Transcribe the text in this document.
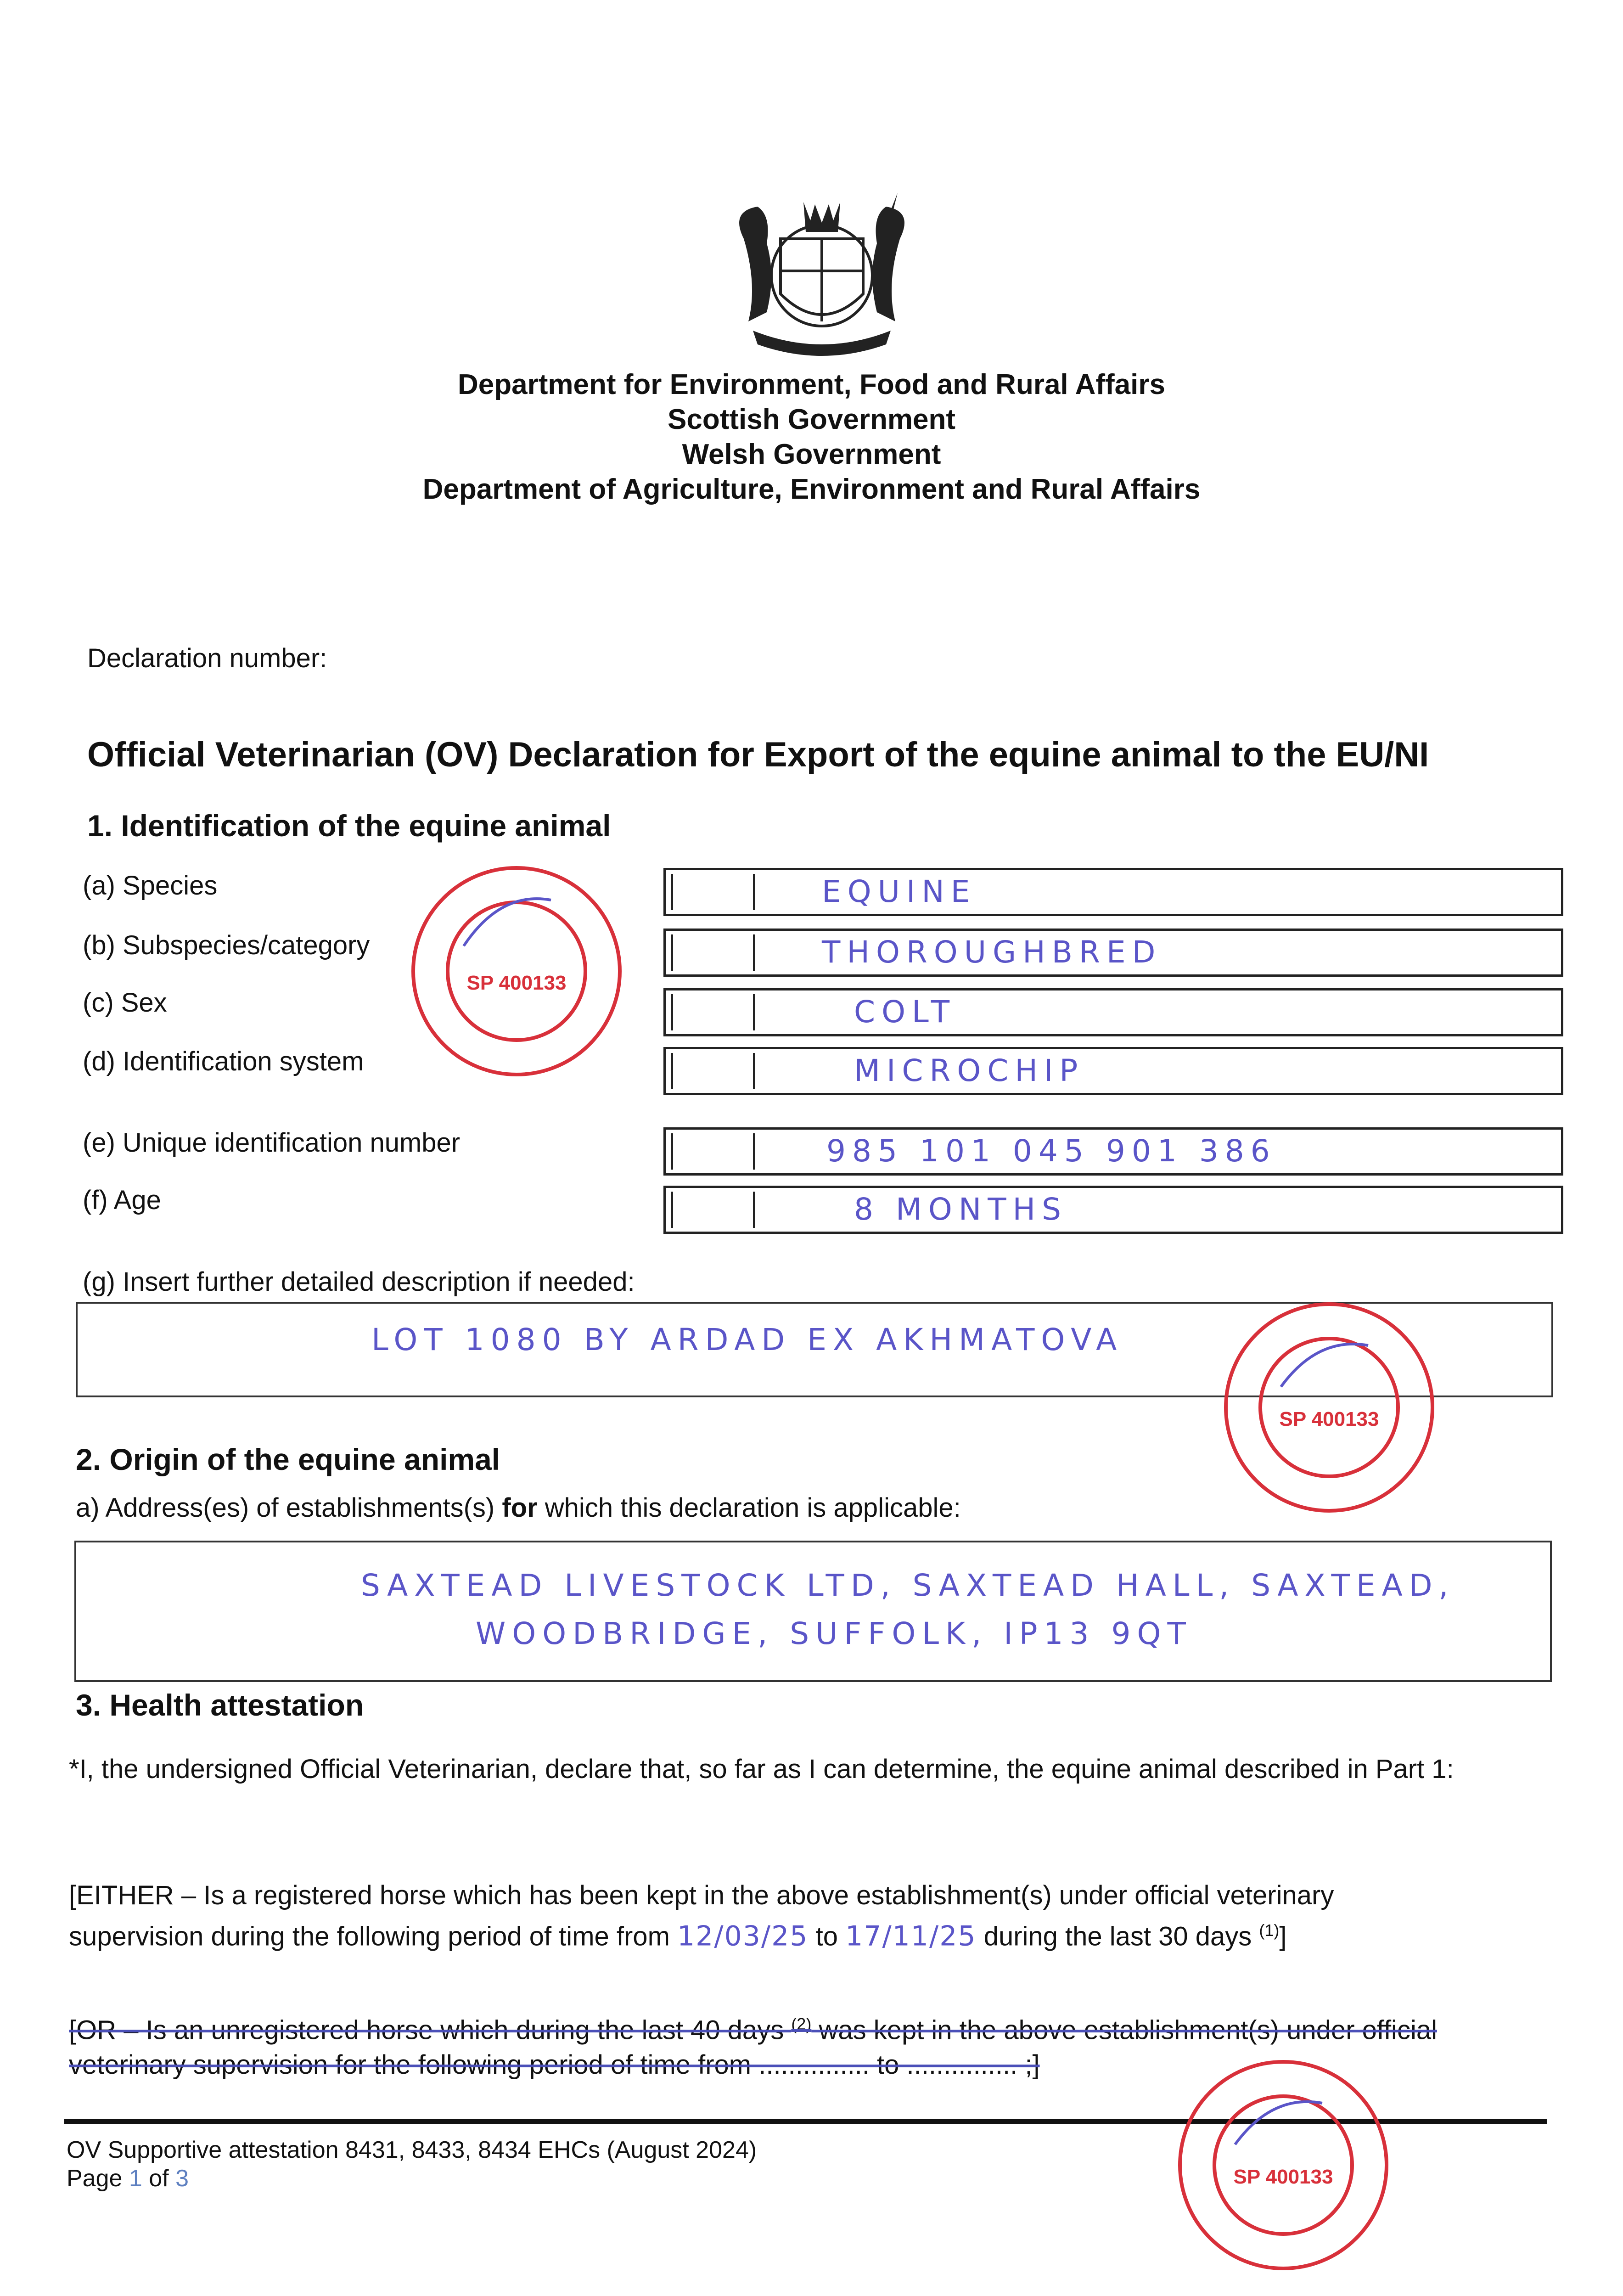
Department for Environment, Food and Rural Affairs
Scottish Government
Welsh Government
Department of Agriculture, Environment and Rural Affairs
Declaration number:
Official Veterinarian (OV) Declaration for Export of the equine animal to the EU/NI
1. Identification of the equine animal
(a) Species	EQUINE
(b) Subspecies/category	THOROUGHBRED
(c) Sex	COLT
(d) Identification system	MICROCHIP
(e) Unique identification number	985 101 045 901 386
(f) Age	8 MONTHS
(g) Insert further detailed description if needed:
LOT 1080 BY ARDAD EX AKHMATOVA
2. Origin of the equine animal
a) Address(es) of establishments(s) for which this declaration is applicable:
SAXTEAD LIVESTOCK LTD, SAXTEAD HALL, SAXTEAD,
WOODBRIDGE, SUFFOLK, IP13 9QT
3. Health attestation
*I, the undersigned Official Veterinarian, declare that, so far as I can determine, the equine animal described in Part 1:
[EITHER – Is a registered horse which has been kept in the above establishment(s) under official veterinary
supervision during the following period of time from 12/03/25 to 17/11/25 during the last 30 days $^{(1)}$]
[OR – Is an unregistered horse which during the last 40 days $^{(2)}$ was kept in the above establishment(s) under official
veterinary supervision for the following period of time from ............... to ............... ;]
OV Supportive attestation 8431, 8433, 8434 EHCs (August 2024)
Page 1 of 3
SP 400133
SP 400133
SP 400133
